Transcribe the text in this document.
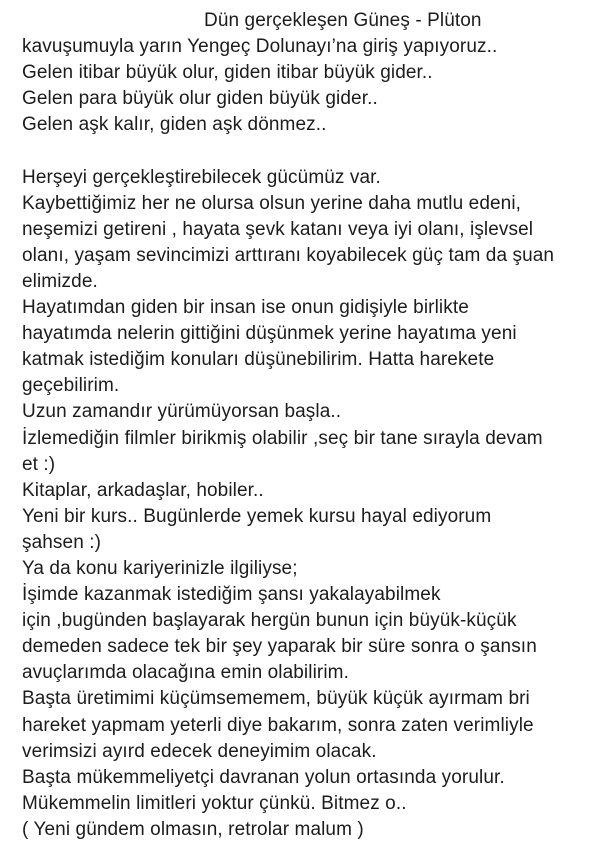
Dün gerçekleşen Güneş - Plüton
kavuşumuyla yarın Yengeç Dolunayı’na giriş yapıyoruz..
Gelen itibar büyük olur, giden itibar büyük gider..
Gelen para büyük olur giden büyük gider..
Gelen aşk kalır, giden aşk dönmez..
Herşeyi gerçekleştirebilecek gücümüz var.
Kaybettiğimiz her ne olursa olsun yerine daha mutlu edeni,
neşemizi getireni , hayata şevk katanı veya iyi olanı, işlevsel
olanı, yaşam sevincimizi arttıranı koyabilecek güç tam da şuan
elimizde.
Hayatımdan giden bir insan ise onun gidişiyle birlikte
hayatımda nelerin gittiğini düşünmek yerine hayatıma yeni
katmak istediğim konuları düşünebilirim. Hatta harekete
geçebilirim.
Uzun zamandır yürümüyorsan başla..
İzlemediğin filmler birikmiş olabilir ,seç bir tane sırayla devam
et :)
Kitaplar, arkadaşlar, hobiler..
Yeni bir kurs.. Bugünlerde yemek kursu hayal ediyorum
şahsen :)
Ya da konu kariyerinizle ilgiliyse;
İşimde kazanmak istediğim şansı yakalayabilmek
için ,bugünden başlayarak hergün bunun için büyük-küçük
demeden sadece tek bir şey yaparak bir süre sonra o şansın
avuçlarımda olacağına emin olabilirim.
Başta üretimimi küçümsememem, büyük küçük ayırmam bri
hareket yapmam yeterli diye bakarım, sonra zaten verimliyle
verimsizi ayırd edecek deneyimim olacak.
Başta mükemmeliyetçi davranan yolun ortasında yorulur.
Mükemmelin limitleri yoktur çünkü. Bitmez o..
( Yeni gündem olmasın, retrolar malum )
